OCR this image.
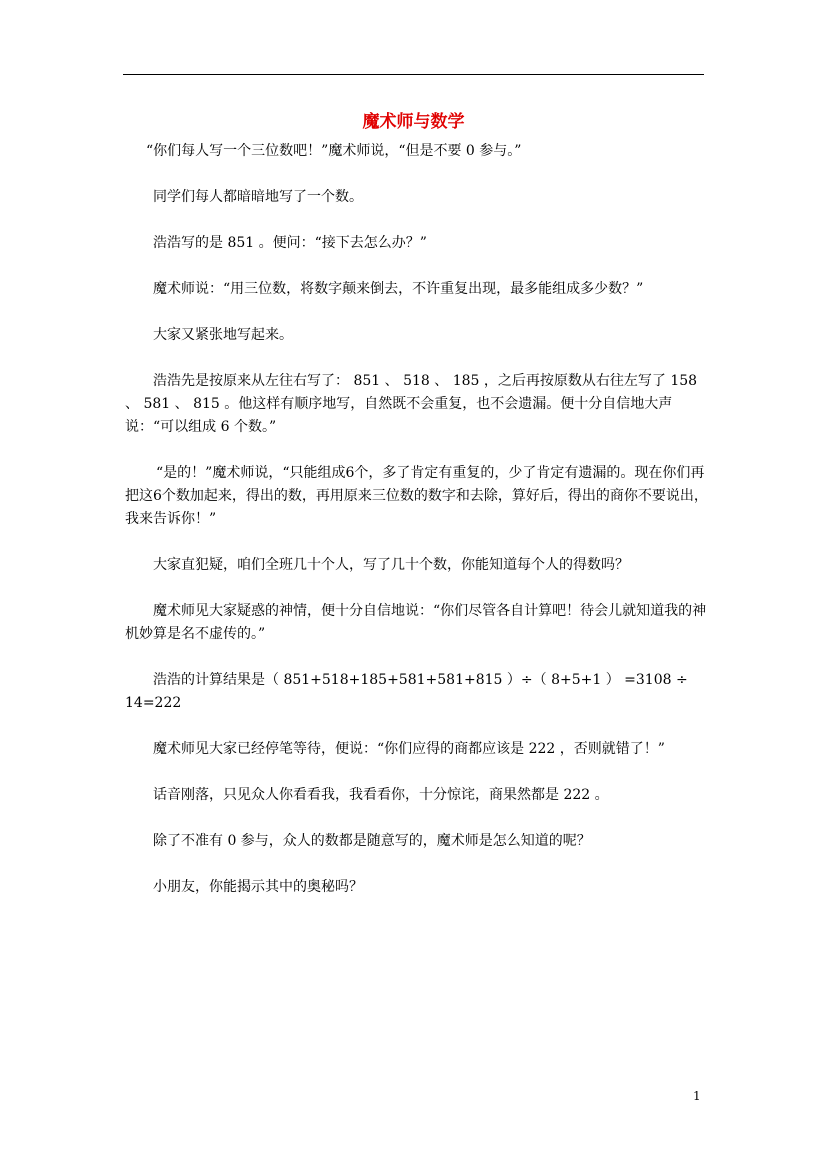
魔术师与数学

“你们每人写一个三位数吧！”魔术师说，“但是不要 0 参与。”

同学们每人都暗暗地写了一个数。

浩浩写的是 851 。便问：“接下去怎么办？”

魔术师说：“用三位数，将数字颠来倒去，不许重复出现，最多能组成多少数？”

大家又紧张地写起来。

浩浩先是按原来从左往右写了： 851 、 518 、 185 ，之后再按原数从右往左写了 158 、 581 、 815 。他这样有顺序地写，自然既不会重复，也不会遗漏。便十分自信地大声说：“可以组成 6 个数。”

“是的！”魔术师说，“只能组成6个，多了肯定有重复的，少了肯定有遗漏的。现在你们再把这6个数加起来，得出的数，再用原来三位数的数字和去除，算好后，得出的商你不要说出，我来告诉你！”

大家直犯疑，咱们全班几十个人，写了几十个数，你能知道每个人的得数吗？

魔术师见大家疑惑的神情，便十分自信地说：“你们尽管各自计算吧！待会儿就知道我的神机妙算是名不虚传的。”

浩浩的计算结果是（ 851+518+185+581+581+815 ）÷（ 8+5+1 ） =3108 ÷ 14=222

魔术师见大家已经停笔等待，便说：“你们应得的商都应该是 222 ，否则就错了！”

话音刚落，只见众人你看看我，我看看你，十分惊诧，商果然都是 222 。

除了不准有 0 参与，众人的数都是随意写的，魔术师是怎么知道的呢？

小朋友，你能揭示其中的奥秘吗？

1
